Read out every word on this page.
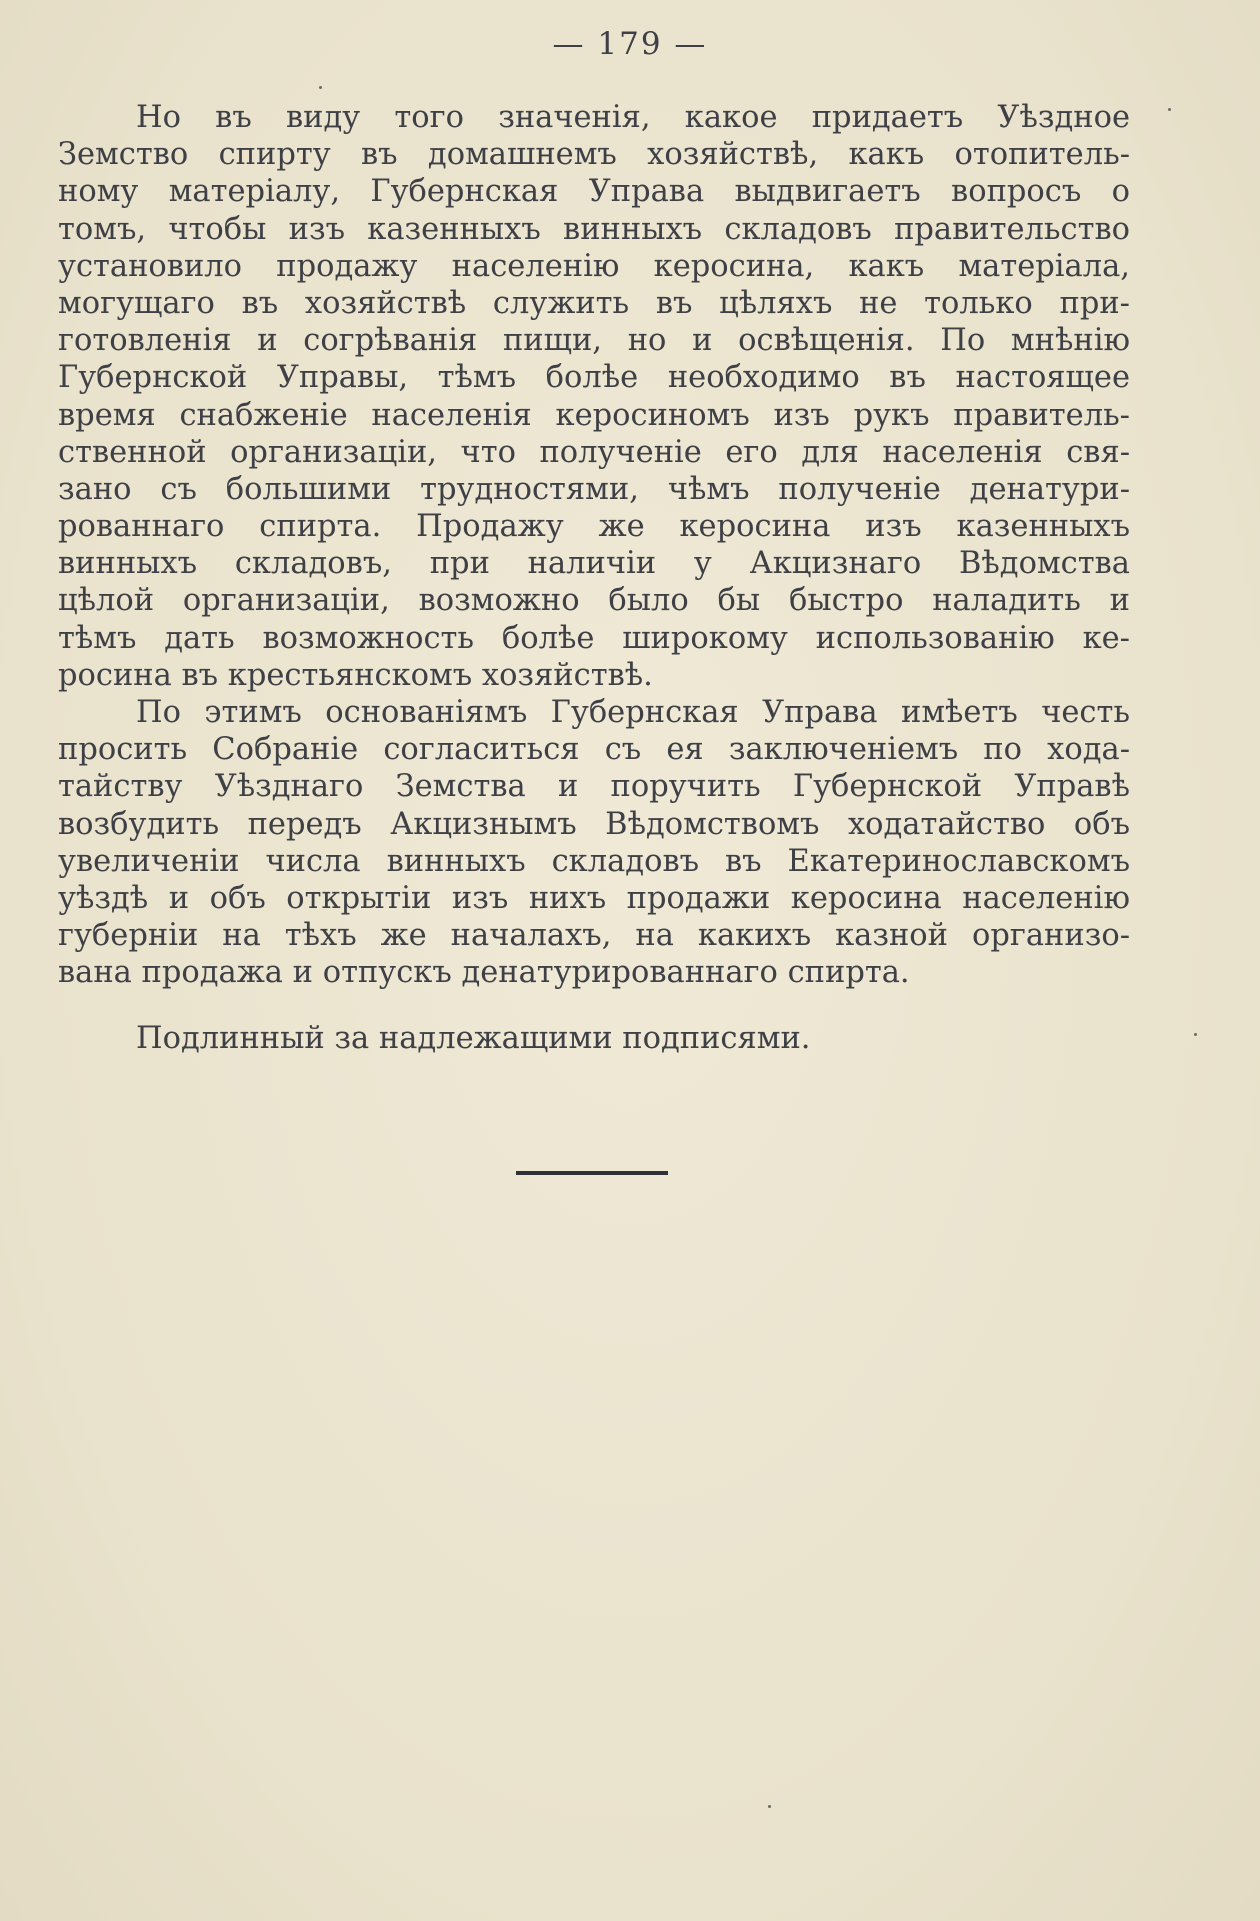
— 179 —
Но въ виду того значенія, какое придаетъ Уѣздное
Земство спирту въ домашнемъ хозяйствѣ, какъ отопитель-
ному матеріалу, Губернская Управа выдвигаетъ вопросъ о
томъ, чтобы изъ казенныхъ винныхъ складовъ правительство
установило продажу населенію керосина, какъ матеріала,
могущаго въ хозяйствѣ служить въ цѣляхъ не только при-
готовленія и согрѣванія пищи, но и освѣщенія. По мнѣнію
Губернской Управы, тѣмъ болѣе необходимо въ настоящее
время снабженіе населенія керосиномъ изъ рукъ правитель-
ственной организаціи, что полученіе его для населенія свя-
зано съ большими трудностями, чѣмъ полученіе денатури-
рованнаго спирта. Продажу же керосина изъ казенныхъ
винныхъ складовъ, при наличіи у Акцизнаго Вѣдомства
цѣлой организаціи, возможно было бы быстро наладить и
тѣмъ дать возможность болѣе широкому использованію ке-
росина въ крестьянскомъ хозяйствѣ.
По этимъ основаніямъ Губернская Управа имѣетъ честь
просить Собраніе согласиться съ ея заключеніемъ по хода-
тайству Уѣзднаго Земства и поручить Губернской Управѣ
возбудить передъ Акцизнымъ Вѣдомствомъ ходатайство объ
увеличеніи числа винныхъ складовъ въ Екатеринославскомъ
уѣздѣ и объ открытіи изъ нихъ продажи керосина населенію
губерніи на тѣхъ же началахъ, на какихъ казной организо-
вана продажа и отпускъ денатурированнаго спирта.
Подлинный за надлежащими подписями.
